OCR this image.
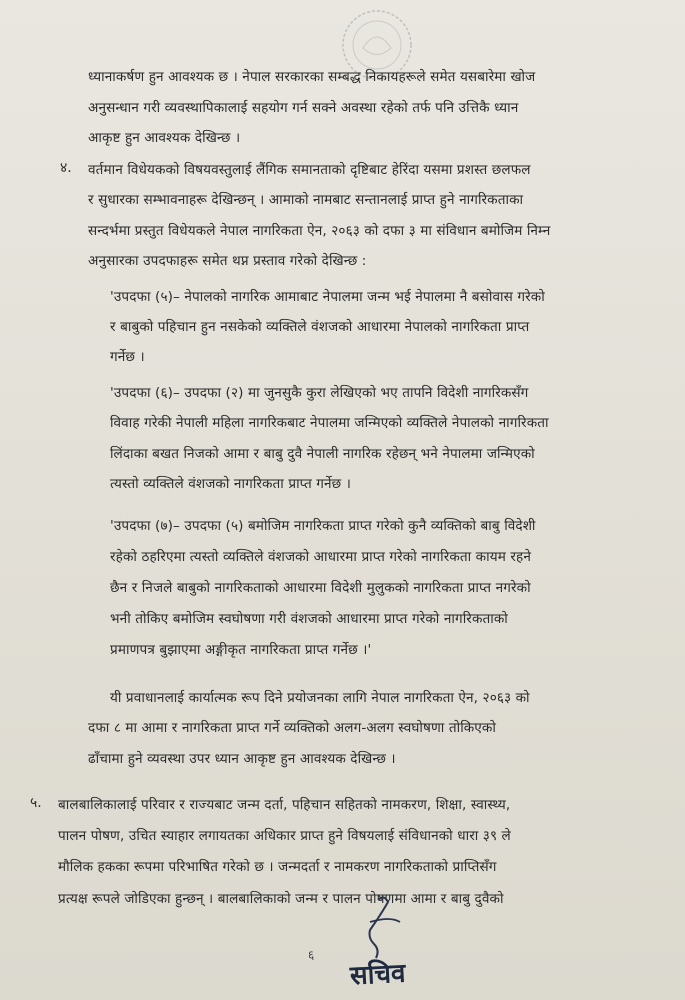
ध्यानाकर्षण हुन आवश्यक छ । नेपाल सरकारका सम्बद्ध निकायहरूले समेत यसबारेमा खोज
अनुसन्धान गरी व्यवस्थापिकालाई सहयोग गर्न सक्ने अवस्था रहेको तर्फ पनि उत्तिकै ध्यान
आकृष्ट हुन आवश्यक देखिन्छ ।
४. वर्तमान विधेयकको विषयवस्तुलाई लैंगिक समानताको दृष्टिबाट हेरिंदा यसमा प्रशस्त छलफल
र सुधारका सम्भावनाहरू देखिन्छन् । आमाको नामबाट सन्तानलाई प्राप्त हुने नागरिकताका
सन्दर्भमा प्रस्तुत विधेयकले नेपाल नागरिकता ऐन, २०६३ को दफा ३ मा संविधान बमोजिम निम्न
अनुसारका उपदफाहरू समेत थप्न प्रस्ताव गरेको देखिन्छ :
'उपदफा (५)– नेपालको नागरिक आमाबाट नेपालमा जन्म भई नेपालमा नै बसोवास गरेको
र बाबुको पहिचान हुन नसकेको व्यक्तिले वंशजको आधारमा नेपालको नागरिकता प्राप्त
गर्नेछ ।
'उपदफा (६)– उपदफा (२) मा जुनसुकै कुरा लेखिएको भए तापनि विदेशी नागरिकसँग
विवाह गरेकी नेपाली महिला नागरिकबाट नेपालमा जन्मिएको व्यक्तिले नेपालको नागरिकता
लिंदाका बखत निजको आमा र बाबु दुवै नेपाली नागरिक रहेछन् भने नेपालमा जन्मिएको
त्यस्तो व्यक्तिले वंशजको नागरिकता प्राप्त गर्नेछ ।
'उपदफा (७)– उपदफा (५) बमोजिम नागरिकता प्राप्त गरेको कुनै व्यक्तिको बाबु विदेशी
रहेको ठहरिएमा त्यस्तो व्यक्तिले वंशजको आधारमा प्राप्त गरेको नागरिकता कायम रहने
छैन र निजले बाबुको नागरिकताको आधारमा विदेशी मुलुकको नागरिकता प्राप्त नगरेको
भनी तोकिए बमोजिम स्वघोषणा गरी वंशजको आधारमा प्राप्त गरेको नागरिकताको
प्रमाणपत्र बुझाएमा अङ्गीकृत नागरिकता प्राप्त गर्नेछ ।'
यी प्रवाधानलाई कार्यात्मक रूप दिने प्रयोजनका लागि नेपाल नागरिकता ऐन, २०६३ को
दफा ८ मा आमा र नागरिकता प्राप्त गर्ने व्यक्तिको अलग-अलग स्वघोषणा तोकिएको
ढाँचामा हुने व्यवस्था उपर ध्यान आकृष्ट हुन आवश्यक देखिन्छ ।
५. बालबालिकालाई परिवार र राज्यबाट जन्म दर्ता, पहिचान सहितको नामकरण, शिक्षा, स्वास्थ्य,
पालन पोषण, उचित स्याहार लगायतका अधिकार प्राप्त हुने विषयलाई संविधानको धारा ३९ ले
मौलिक हकका रूपमा परिभाषित गरेको छ । जन्मदर्ता र नामकरण नागरिकताको प्राप्तिसँग
प्रत्यक्ष रूपले जोडिएका हुन्छन् । बालबालिकाको जन्म र पालन पोषणमा आमा र बाबु दुवैको
६
सचिव
